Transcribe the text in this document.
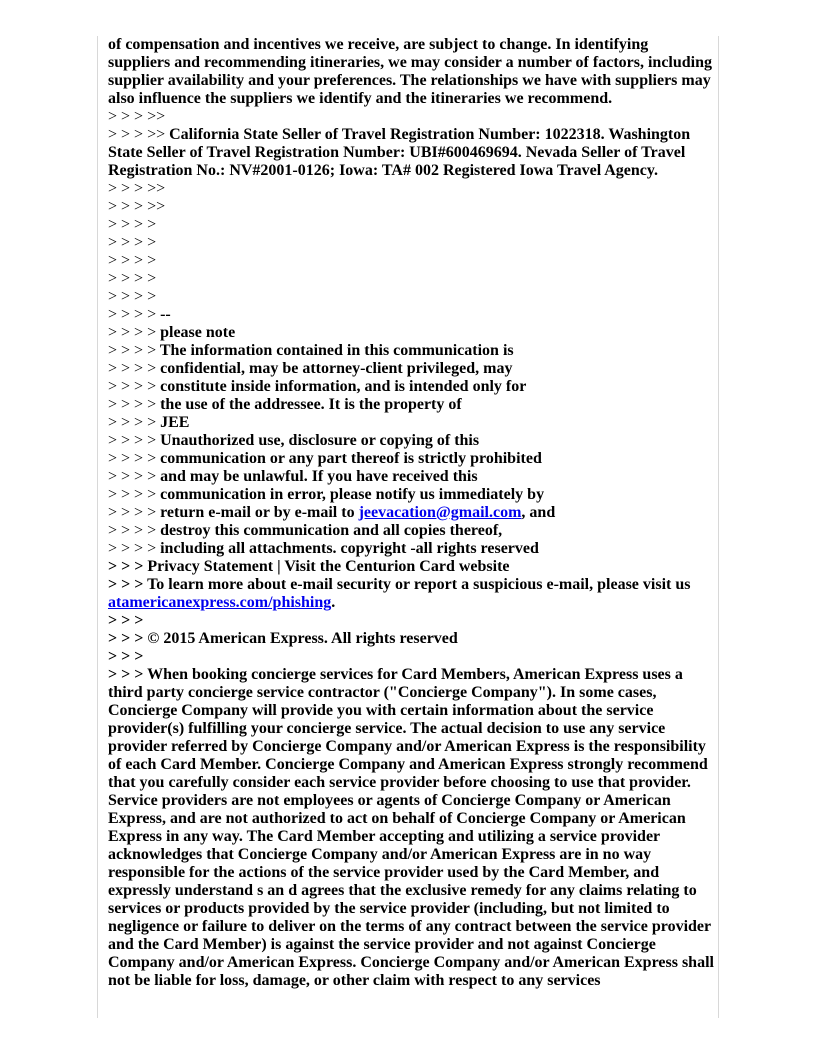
of compensation and incentives we receive, are subject to change. In identifying suppliers and recommending itineraries, we may consider a number of factors, including supplier availability and your preferences. The relationships we have with suppliers may also influence the suppliers we identify and the itineraries we recommend.
> > > >>
> > > >> California State Seller of Travel Registration Number: 1022318. Washington State Seller of Travel Registration Number: UBI#600469694. Nevada Seller of Travel Registration No.: NV#2001-0126; Iowa: TA# 002 Registered Iowa Travel Agency.
> > > >>
> > > >>
> > > >
> > > >
> > > >
> > > >
> > > >
> > > > --
> > > > please note
> > > > The information contained in this communication is
> > > > confidential, may be attorney-client privileged, may
> > > > constitute inside information, and is intended only for
> > > > the use of the addressee. It is the property of
> > > > JEE
> > > > Unauthorized use, disclosure or copying of this
> > > > communication or any part thereof is strictly prohibited
> > > > and may be unlawful. If you have received this
> > > > communication in error, please notify us immediately by
> > > > return e-mail or by e-mail to jeevacation@gmail.com, and
> > > > destroy this communication and all copies thereof,
> > > > including all attachments. copyright -all rights reserved
> > > Privacy Statement | Visit the Centurion Card website
> > > To learn more about e-mail security or report a suspicious e-mail, please visit us atamericanexpress.com/phishing.
> > >
> > > © 2015 American Express. All rights reserved
> > >
> > > When booking concierge services for Card Members, American Express uses a third party concierge service contractor ("Concierge Company"). In some cases, Concierge Company will provide you with certain information about the service provider(s) fulfilling your concierge service. The actual decision to use any service provider referred by Concierge Company and/or American Express is the responsibility of each Card Member. Concierge Company and American Express strongly recommend that you carefully consider each service provider before choosing to use that provider. Service providers are not employees or agents of Concierge Company or American Express, and are not authorized to act on behalf of Concierge Company or American Express in any way. The Card Member accepting and utilizing a service provider acknowledges that Concierge Company and/or American Express are in no way responsible for the actions of the service provider used by the Card Member, and expressly understand s an d agrees that the exclusive remedy for any claims relating to services or products provided by the service provider (including, but not limited to negligence or failure to deliver on the terms of any contract between the service provider and the Card Member) is against the service provider and not against Concierge Company and/or American Express. Concierge Company and/or American Express shall not be liable for loss, damage, or other claim with respect to any services
